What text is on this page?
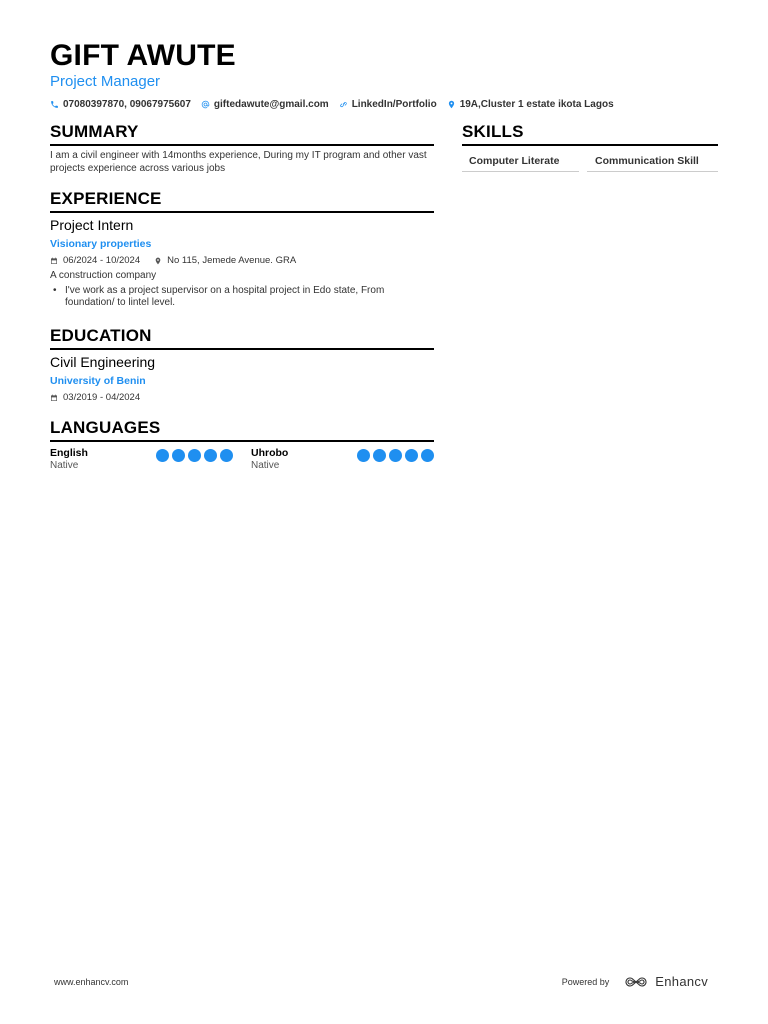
GIFT AWUTE
Project Manager
07080397870, 09067975607 giftedawute@gmail.com LinkedIn/Portfolio 19A,Cluster 1 estate ikota Lagos
SUMMARY
I am a civil engineer with 14months experience, During my IT program and other vast projects experience across various jobs
EXPERIENCE
Project Intern
Visionary properties
06/2024 - 10/2024	No 115, Jemede Avenue. GRA
A construction company
• I've work as a project supervisor on a hospital project in Edo state, From foundation/ to lintel level.
EDUCATION
Civil Engineering
University of Benin
03/2019 - 04/2024
LANGUAGES
English
Native
Uhrobo
Native
SKILLS
Computer Literate	Communication Skill
www.enhancv.com	Powered by	Enhancv
